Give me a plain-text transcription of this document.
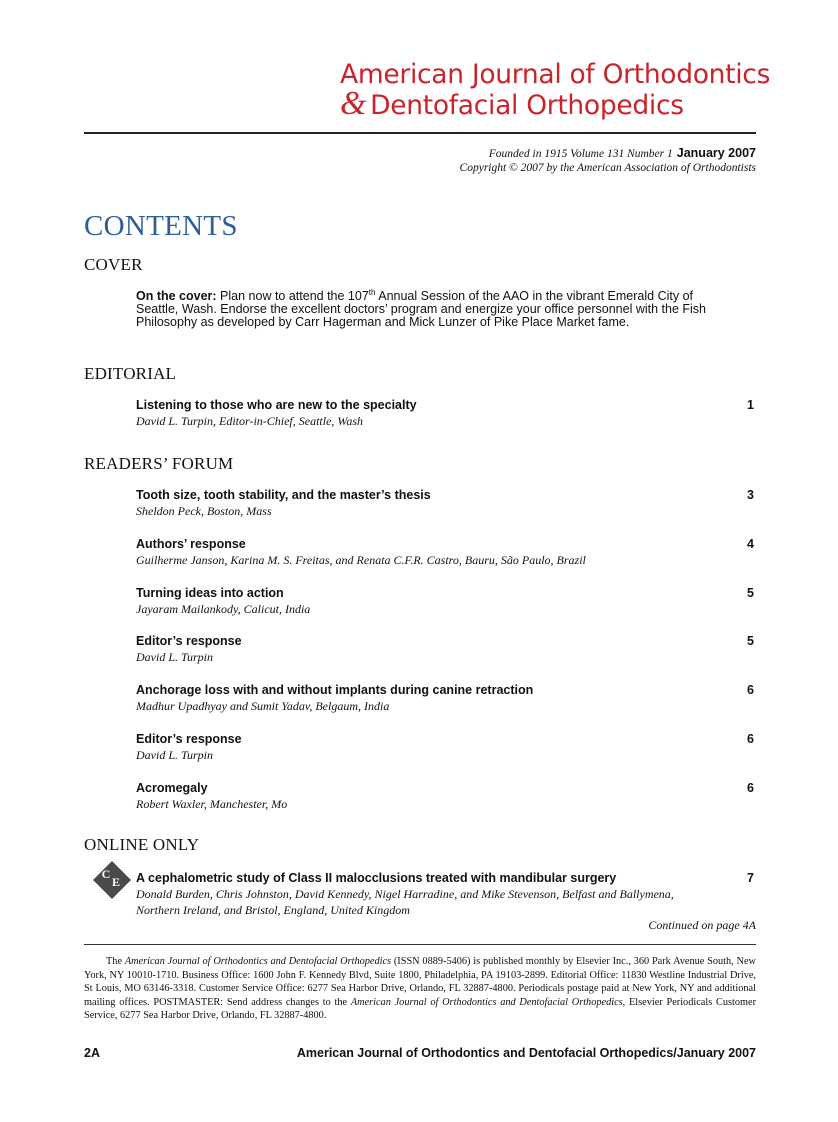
American Journal of Orthodontics
& Dentofacial Orthopedics
Founded in 1915 Volume 131 Number 1 January 2007
Copyright © 2007 by the American Association of Orthodontists
CONTENTS
COVER
On the cover: Plan now to attend the 107th Annual Session of the AAO in the vibrant Emerald City of Seattle, Wash. Endorse the excellent doctors’ program and energize your office personnel with the Fish Philosophy as developed by Carr Hagerman and Mick Lunzer of Pike Place Market fame.
EDITORIAL
Listening to those who are new to the specialty
David L. Turpin, Editor-in-Chief, Seattle, Wash
1
READERS’ FORUM
Tooth size, tooth stability, and the master’s thesis
Sheldon Peck, Boston, Mass
3
Authors’ response
Guilherme Janson, Karina M. S. Freitas, and Renata C.F.R. Castro, Bauru, São Paulo, Brazil
4
Turning ideas into action
Jayaram Mailankody, Calicut, India
5
Editor’s response
David L. Turpin
5
Anchorage loss with and without implants during canine retraction
Madhur Upadhyay and Sumit Yadav, Belgaum, India
6
Editor’s response
David L. Turpin
6
Acromegaly
Robert Waxler, Manchester, Mo
6
ONLINE ONLY
C
E A cephalometric study of Class II malocclusions treated with mandibular surgery
Donald Burden, Chris Johnston, David Kennedy, Nigel Harradine, and Mike Stevenson, Belfast and Ballymena, Northern Ireland, and Bristol, England, United Kingdom
7
Continued on page 4A
The American Journal of Orthodontics and Dentofacial Orthopedics (ISSN 0889-5406) is published monthly by Elsevier Inc., 360 Park Avenue South, New York, NY 10010-1710. Business Office: 1600 John F. Kennedy Blvd, Suite 1800, Philadelphia, PA 19103-2899. Editorial Office: 11830 Westline Industrial Drive, St Louis, MO 63146-3318. Customer Service Office: 6277 Sea Harbor Drive, Orlando, FL 32887-4800. Periodicals postage paid at New York, NY and additional mailing offices. POSTMASTER: Send address changes to the American Journal of Orthodontics and Dentofacial Orthopedics, Elsevier Periodicals Customer Service, 6277 Sea Harbor Drive, Orlando, FL 32887-4800.
2A	American Journal of Orthodontics and Dentofacial Orthopedics/January 2007
